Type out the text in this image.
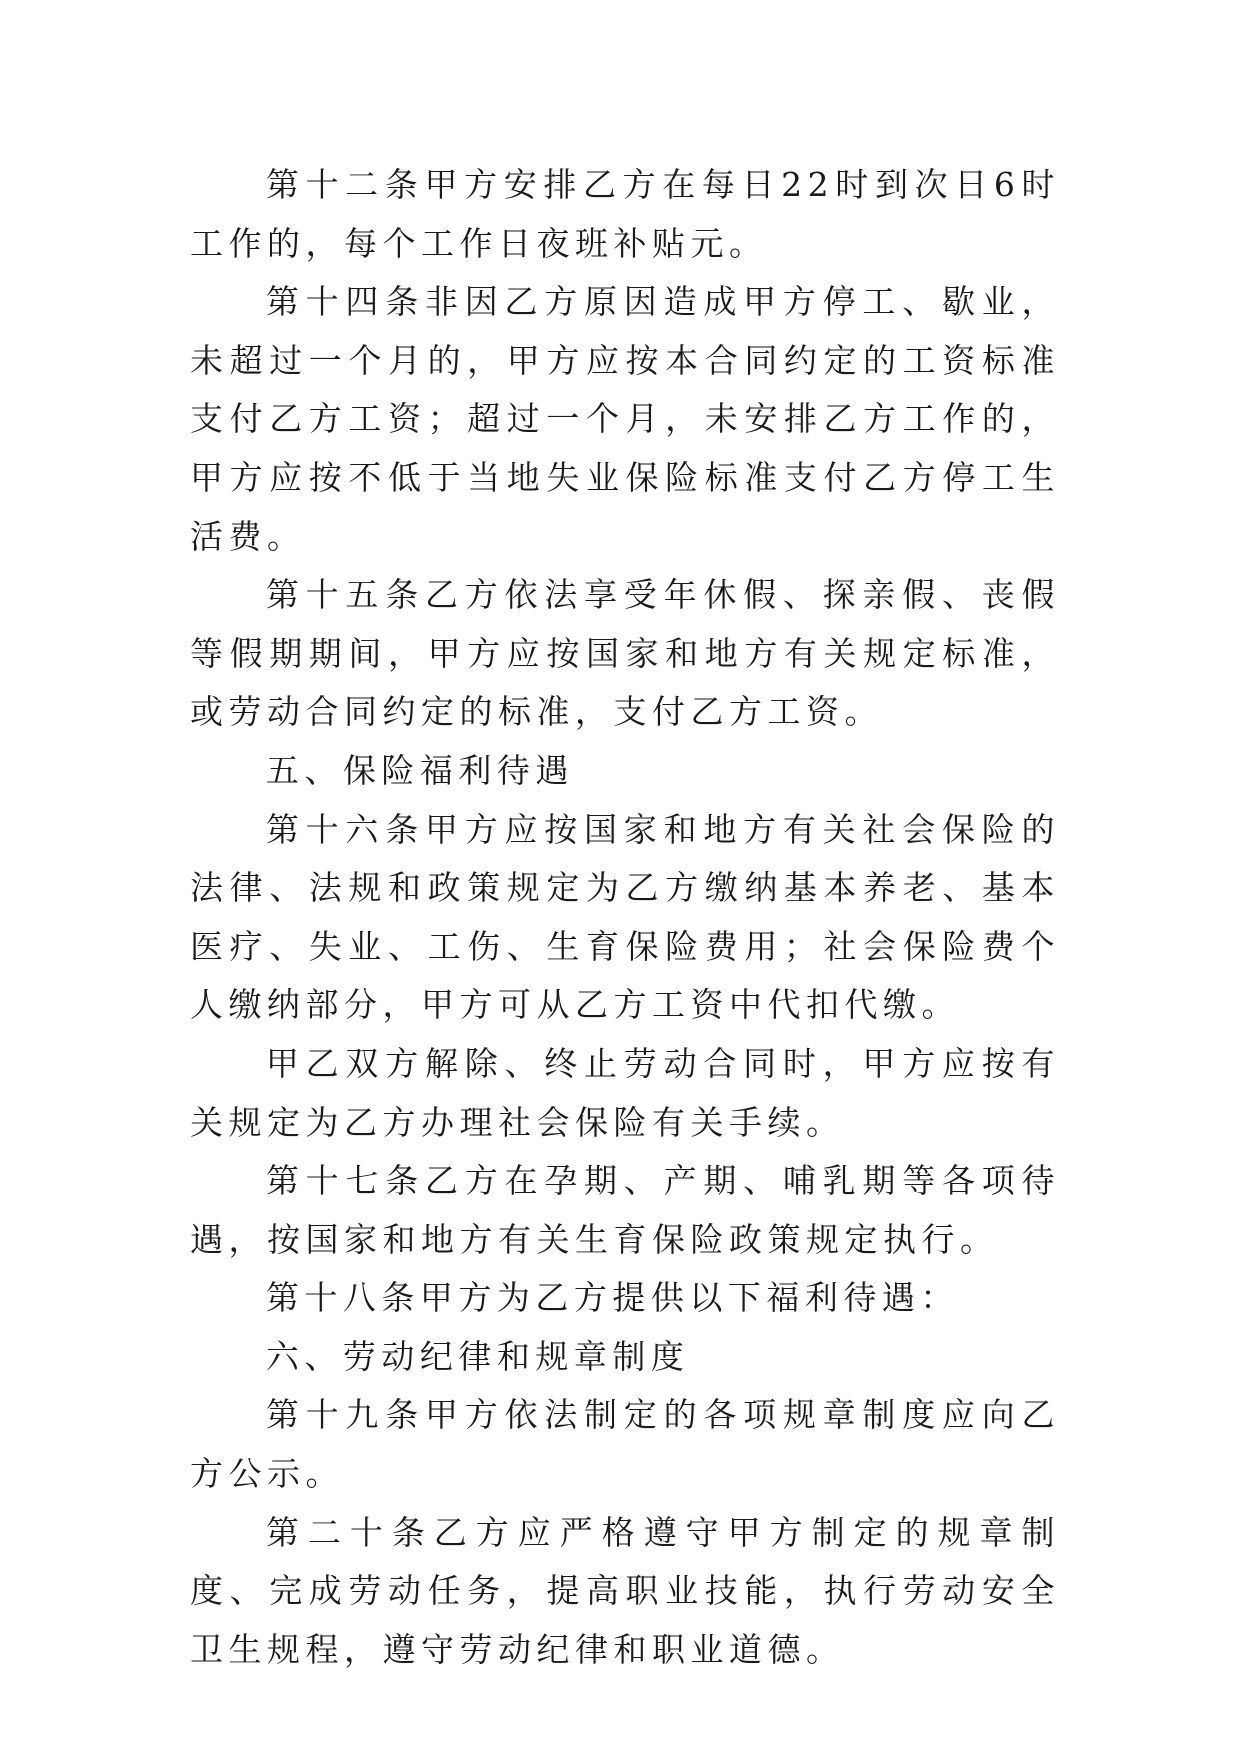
第十二条甲方安排乙方在每日22时到次日6时工作的，每个工作日夜班补贴元。

第十四条非因乙方原因造成甲方停工、歇业，未超过一个月的，甲方应按本合同约定的工资标准支付乙方工资；超过一个月，未安排乙方工作的，甲方应按不低于当地失业保险标准支付乙方停工生活费。

第十五条乙方依法享受年休假、探亲假、丧假等假期期间，甲方应按国家和地方有关规定标准，或劳动合同约定的标准，支付乙方工资。

五、保险福利待遇

第十六条甲方应按国家和地方有关社会保险的法律、法规和政策规定为乙方缴纳基本养老、基本医疗、失业、工伤、生育保险费用；社会保险费个人缴纳部分，甲方可从乙方工资中代扣代缴。

甲乙双方解除、终止劳动合同时，甲方应按有关规定为乙方办理社会保险有关手续。

第十七条乙方在孕期、产期、哺乳期等各项待遇，按国家和地方有关生育保险政策规定执行。

第十八条甲方为乙方提供以下福利待遇：

六、劳动纪律和规章制度

第十九条甲方依法制定的各项规章制度应向乙方公示。

第二十条乙方应严格遵守甲方制定的规章制度、完成劳动任务，提高职业技能，执行劳动安全卫生规程，遵守劳动纪律和职业道德。
